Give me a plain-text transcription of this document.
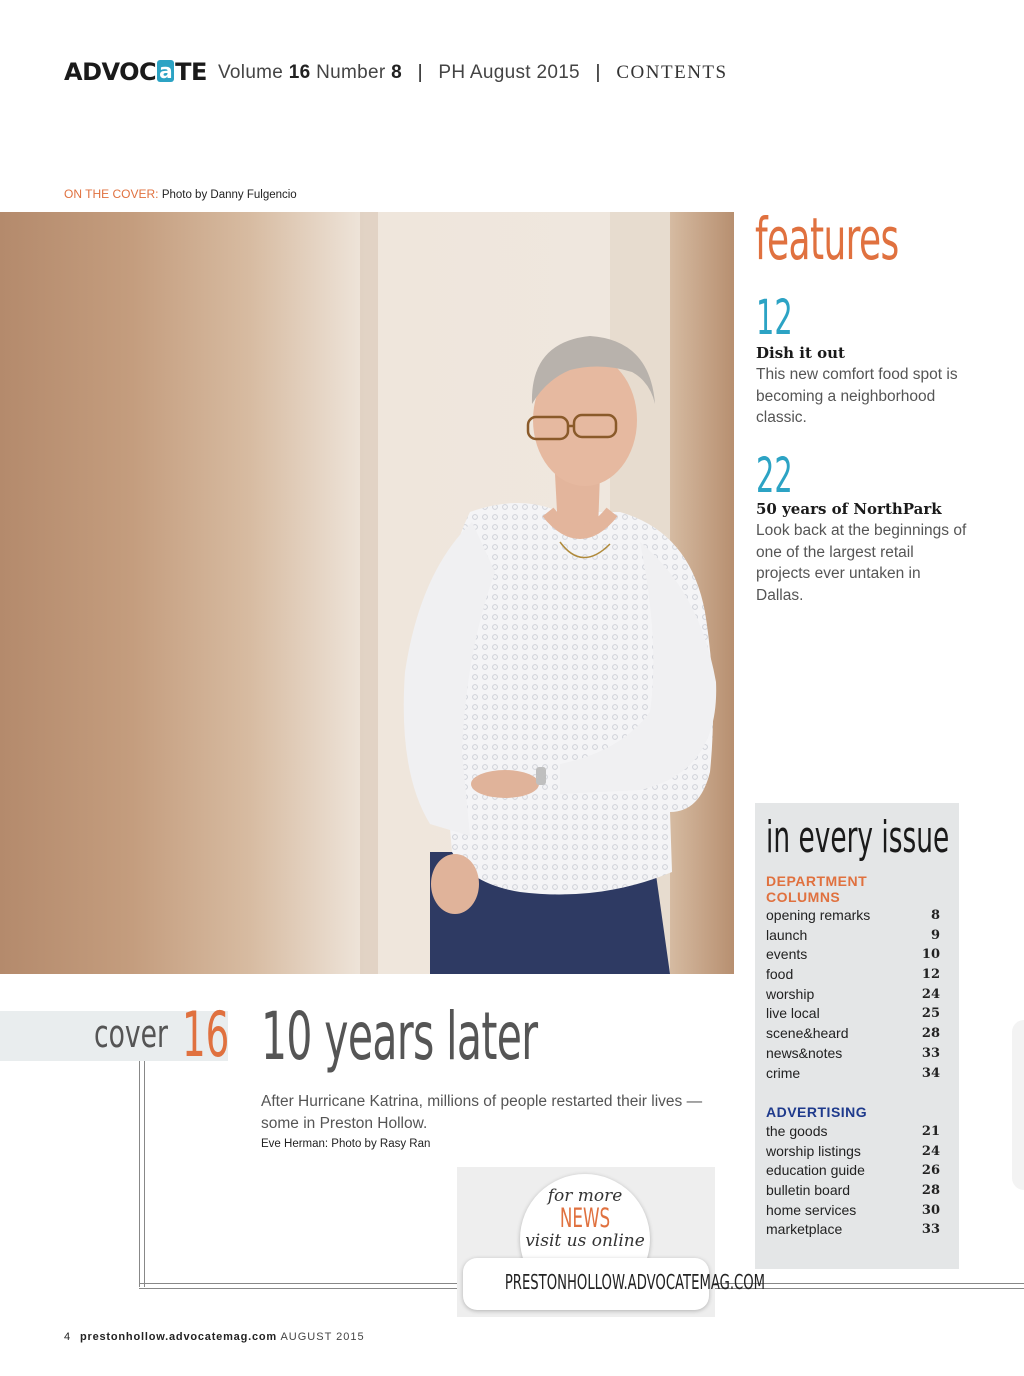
ADVOC a TE Volume 16 Number 8 | PH August 2015 | CONTENTS
ON THE COVER: Photo by Danny Fulgencio
features
12
Dish it out
This new comfort food spot is becoming a neighborhood classic.
22
50 years of NorthPark
Look back at the beginnings of one of the largest retail projects ever untaken in Dallas.
in every issue
DEPARTMENT COLUMNS
opening remarks	8
launch	9
events	10
food	12
worship	24
live local	25
scene&heard	28
news&notes	33
crime	34
ADVERTISING
the goods	21
worship listings	24
education guide	26
bulletin board	28
home services	30
marketplace	33
cover 16 10 years later
After Hurricane Katrina, millions of people restarted their lives — some in Preston Hollow.
Eve Herman: Photo by Rasy Ran
for more
NEWS
visit us online
PRESTONHOLLOW.ADVOCATEMAG.COM
4 prestonhollow.advocatemag.com AUGUST 2015
